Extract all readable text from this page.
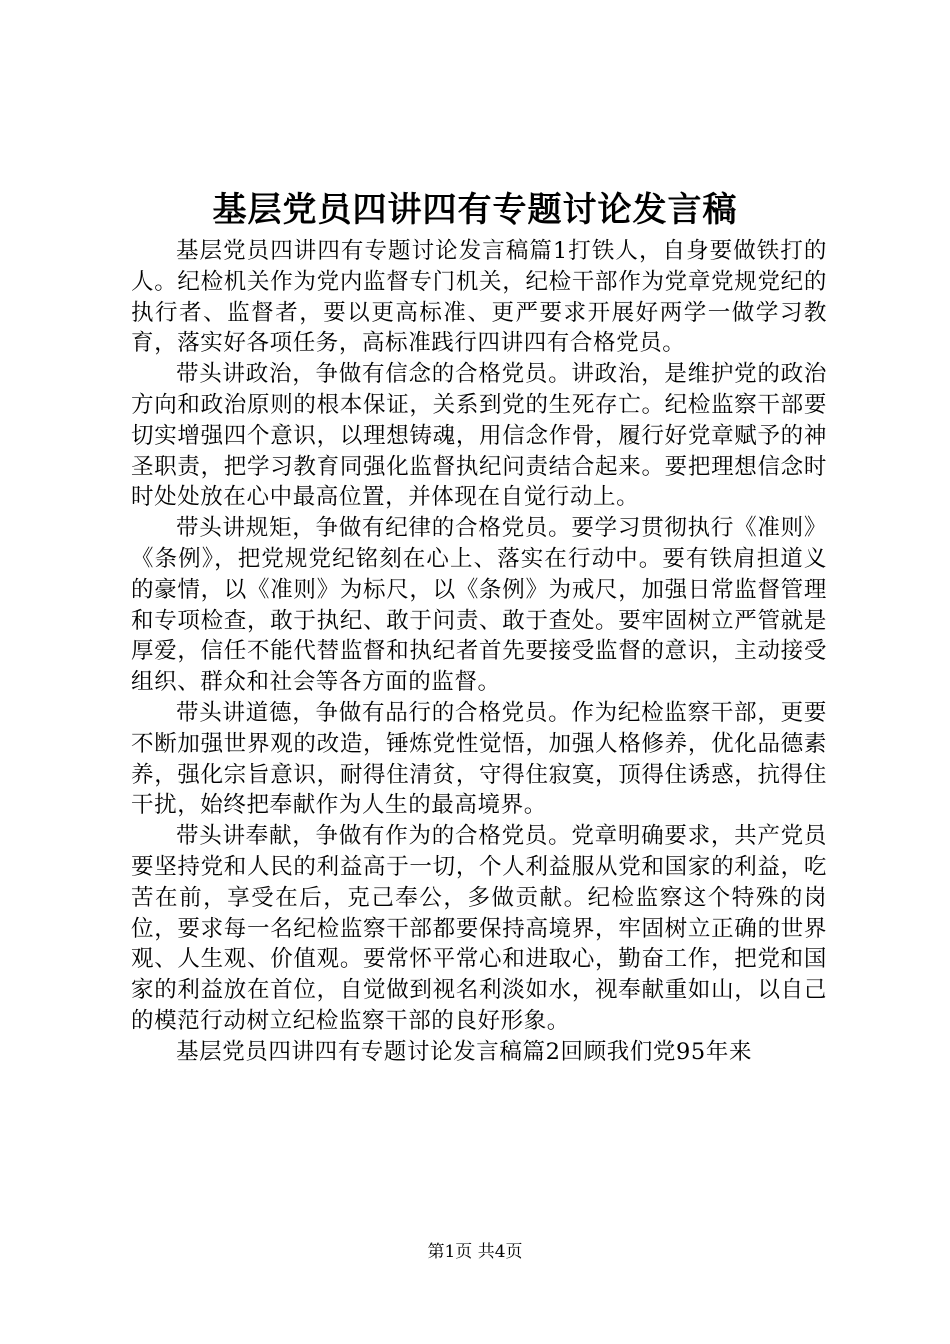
基层党员四讲四有专题讨论发言稿

基层党员四讲四有专题讨论发言稿篇1打铁人，自身要做铁打的人。纪检机关作为党内监督专门机关，纪检干部作为党章党规党纪的执行者、监督者，要以更高标准、更严要求开展好两学一做学习教育，落实好各项任务，高标准践行四讲四有合格党员。

带头讲政治，争做有信念的合格党员。讲政治，是维护党的政治方向和政治原则的根本保证，关系到党的生死存亡。纪检监察干部要切实增强四个意识，以理想铸魂，用信念作骨，履行好党章赋予的神圣职责，把学习教育同强化监督执纪问责结合起来。要把理想信念时时处处放在心中最高位置，并体现在自觉行动上。

带头讲规矩，争做有纪律的合格党员。要学习贯彻执行《准则》《条例》，把党规党纪铭刻在心上、落实在行动中。要有铁肩担道义的豪情，以《准则》为标尺，以《条例》为戒尺，加强日常监督管理和专项检查，敢于执纪、敢于问责、敢于查处。要牢固树立严管就是厚爱，信任不能代替监督和执纪者首先要接受监督的意识，主动接受组织、群众和社会等各方面的监督。

带头讲道德，争做有品行的合格党员。作为纪检监察干部，更要不断加强世界观的改造，锤炼党性觉悟，加强人格修养，优化品德素养，强化宗旨意识，耐得住清贫，守得住寂寞，顶得住诱惑，抗得住干扰，始终把奉献作为人生的最高境界。

带头讲奉献，争做有作为的合格党员。党章明确要求，共产党员要坚持党和人民的利益高于一切，个人利益服从党和国家的利益，吃苦在前，享受在后，克己奉公，多做贡献。纪检监察这个特殊的岗位，要求每一名纪检监察干部都要保持高境界，牢固树立正确的世界观、人生观、价值观。要常怀平常心和进取心，勤奋工作，把党和国家的利益放在首位，自觉做到视名利淡如水，视奉献重如山，以自己的模范行动树立纪检监察干部的良好形象。

基层党员四讲四有专题讨论发言稿篇2回顾我们党95年来

第1页 共4页
